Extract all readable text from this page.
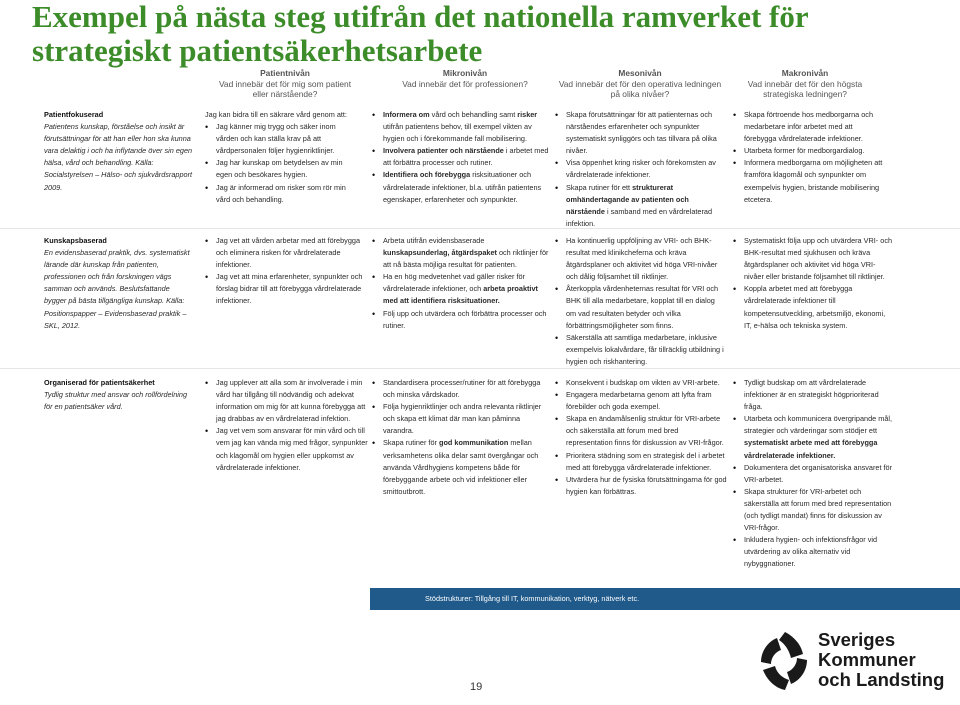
Exempel på nästa steg utifrån det nationella ramverket för strategiskt patientsäkerhetsarbete
Patientnivån
Vad innebär det för mig som patient eller närstående?
Mikronivån
Vad innebär det för professionen?
Mesonivån
Vad innebär det för den operativa ledningen på olika nivåer?
Makronivån
Vad innebär det för den högsta strategiska ledningen?
Patientfokuserad
Patientens kunskap, förståelse och insikt är förutsättningar för att han eller hon ska kunna vara delaktig i och ha inflytande över sin egen hälsa, vård och behandling. Källa: Socialstyrelsen – Hälso- och sjukvårdsrapport 2009.

Jag kan bidra till en säkrare vård genom att:

• Jag känner mig trygg och säker inom vården och kan ställa krav på att vårdpersonalen följer hygienriktlinjer.
• Jag har kunskap om betydelsen av min egen och besökares hygien.
• Jag är informerad om risker som rör min vård och behandling.
• Informera om vård och behandling samt risker utifrån patientens behov, till exempel vikten av hygien och i förekommande fall mobilisering.
• Involvera patienter och närstående i arbetet med att förbättra processer och rutiner.
• Identifiera och förebygga risksituationer och vårdrelaterade infektioner, bl.a. utifrån patientens egenskaper, erfarenheter och synpunkter.
• Skapa förutsättningar för att patienternas och närståendes erfarenheter och synpunkter systematiskt synliggörs och tas tillvara på olika nivåer.
• Visa öppenhet kring risker och förekomsten av vårdrelaterade infektioner.
• Skapa rutiner för ett strukturerat omhändertagande av patienten och närstående i samband med en vårdrelaterad infektion.
• Skapa förtroende hos medborgarna och medarbetare inför arbetet med att förebygga vårdrelaterade infektioner.
• Utarbeta former för medborgardialog.
• Informera medborgarna om möjligheten att framföra klagomål och synpunkter om exempelvis hygien, bristande mobilisering etcetera.
Kunskapsbaserad
En evidensbaserad praktik, dvs. systematiskt lärande där kunskap från patienten, professionen och från forskningen vägs samman och används. Beslutsfattande bygger på bästa tillgängliga kunskap. Källa: Positionspapper – Evidensbaserad praktik – SKL, 2012.
• Jag vet att vården arbetar med att förebygga och eliminera risken för vårdrelaterade infektioner.
• Jag vet att mina erfarenheter, synpunkter och förslag bidrar till att förebygga vårdrelaterade infektioner.
• Arbeta utifrån evidensbaserade kunskapsunderlag, åtgärdspaket och riktlinjer för att nå bästa möjliga resultat för patienten.
• Ha en hög medvetenhet vad gäller risker för vårdrelaterade infektioner, och arbeta proaktivt med att identifiera risksituationer.
• Följ upp och utvärdera och förbättra processer och rutiner.
• Ha kontinuerlig uppföljning av VRI- och BHK-resultat med klinikcheferna och kräva åtgärdsplaner och aktivitet vid höga VRI-nivåer och dålig följsamhet till riktlinjer.
• Återkoppla vårdenheternas resultat för VRI och BHK till alla medarbetare, kopplat till en dialog om vad resultaten betyder och vilka förbättringsmöjligheter som finns.
• Säkerställa att samtliga medarbetare, inklusive exempelvis lokalvårdare, får tillräcklig utbildning i hygien och riskhantering.
• Systematiskt följa upp och utvärdera VRI- och BHK-resultat med sjukhusen och kräva åtgärdsplaner och aktivitet vid höga VRI-nivåer eller bristande följsamhet till riktlinjer.
• Koppla arbetet med att förebygga vårdrelaterade infektioner till kompetensutveckling, arbetsmiljö, ekonomi, IT, e-hälsa och tekniska system.
Organiserad för patientsäkerhet
Tydlig struktur med ansvar och rollfördelning för en patientsäker vård.
• Jag upplever att alla som är involverade i min vård har tillgång till nödvändig och adekvat information om mig för att kunna förebygga att jag drabbas av en vårdrelaterad infektion.
• Jag vet vem som ansvarar för min vård och till vem jag kan vända mig med frågor, synpunkter och klagomål om hygien eller uppkomst av vårdrelaterade infektioner.
• Standardisera processer/rutiner för att förebygga och minska vårdskador.
• Följa hygienriktlinjer och andra relevanta riktlinjer och skapa ett klimat där man kan påminna varandra.
• Skapa rutiner för god kommunikation mellan verksamhetens olika delar samt övergångar och använda Vårdhygiens kompetens både för förebyggande arbete och vid infektioner eller smittoutbrott.
• Konsekvent i budskap om vikten av VRI-arbete.
• Engagera medarbetarna genom att lyfta fram förebilder och goda exempel.
• Skapa en ändamålsenlig struktur för VRI-arbete och säkerställa att forum med bred representation finns för diskussion av VRI-frågor.
• Prioritera städning som en strategisk del i arbetet med att förebygga vårdrelaterade infektioner.
• Utvärdera hur de fysiska förutsättningarna för god hygien kan förbättras.
• Tydligt budskap om att vårdrelaterade infektioner är en strategiskt högprioriterad fråga.
• Utarbeta och kommunicera övergripande mål, strategier och värderingar som stödjer ett systematiskt arbete med att förebygga vårdrelaterade infektioner.
• Dokumentera det organisatoriska ansvaret för VRI-arbetet.
• Skapa strukturer för VRI-arbetet och säkerställa att forum med bred representation (och tydligt mandat) finns för diskussion av VRI-frågor.
• Inkludera hygien- och infektionsfrågor vid utvärdering av olika alternativ vid nybyggnationer.
Stödstrukturer: Tillgång till IT, kommunikation, verktyg, nätverk etc.
19
Sveriges
Kommuner
och Landsting
